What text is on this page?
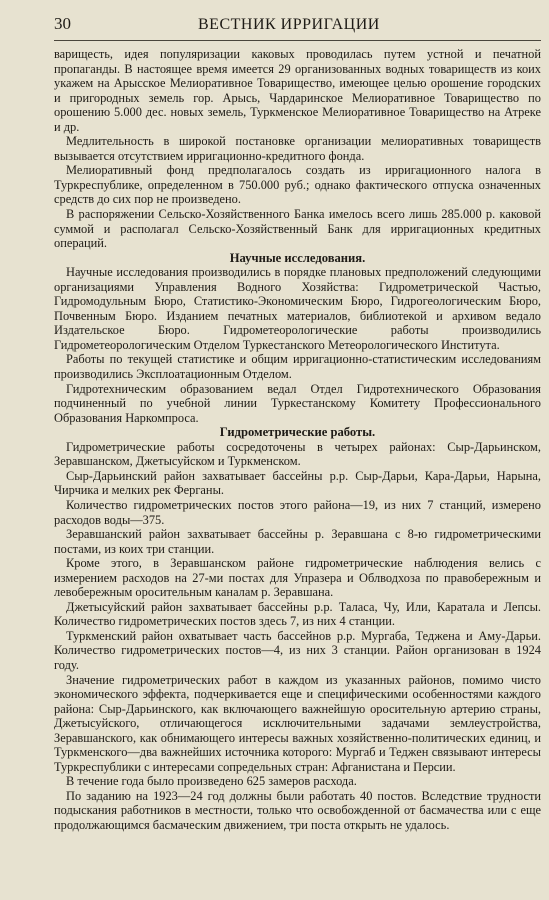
30	ВЕСТНИК ИРРИГАЦИИ

варищесть, идея популяризации каковых проводилась путем устной и печатной пропаганды. В настоящее время имеется 29 организованных водных товариществ из коих укажем на Арысское Мелиоративное Товарищество, имеющее целью орошение городских и пригородных земель гор. Арысь, Чардаринское Мелиоративное Товарищество по орошению 5.000 дес. новых земель, Туркменское Мелиоративное Товарищество на Атреке и др.

Медлительность в широкой постановке организации мелиоративных товариществ вызывается отсутствием ирригационно-кредитного фонда.

Мелиоративный фонд предполагалось создать из ирригационного налога в Туркреспублике, определенном в 750.000 руб.; однако фактического отпуска означенных средств до сих пор не произведено.

В распоряжении Сельско-Хозяйственного Банка имелось всего лишь 285.000 р. каковой суммой и располагал Сельско-Хозяйственный Банк для ирригационных кредитных операций.

Научные исследования.

Научные исследования производились в порядке плановых предположений следующими организациями Управления Водного Хозяйства: Гидрометрической Частью, Гидромодульным Бюро, Статистико-Экономическим Бюро, Гидрогеологическим Бюро, Почвенным Бюро. Изданием печатных материалов, библиотекой и архивом ведало Издательское Бюро. Гидрометеорологические работы производились Гидрометеорологическим Отделом Туркестанского Метеорологического Института.

Работы по текущей статистике и общим ирригационно-статистическим исследованиям производились Эксплоатационным Отделом.

Гидротехническим образованием ведал Отдел Гидротехнического Образования подчиненный по учебной линии Туркестанскому Комитету Профессионального Образования Наркомпроса.

Гидрометрические работы.

Гидрометрические работы сосредоточены в четырех районах: Сыр-Дарьинском, Зеравшанском, Джетысуйском и Туркменском.

Сыр-Дарьинский район захватывает бассейны р.р. Сыр-Дарьи, Кара-Дарьи, Нарына, Чирчика и мелких рек Ферганы.

Количество гидрометрических постов этого района—19, из них 7 станций, измерено расходов воды—375.

Зеравшанский район захватывает бассейны р. Зеравшана с 8-ю гидрометрическими постами, из коих три станции.

Кроме этого, в Зеравшанском районе гидрометрические наблюдения велись с измерением расходов на 27-ми постах для Упразера и Облводхоза по правобережным и левобережным оросительным каналам р. Зеравшана.

Джетысуйский район захватывает бассейны р.р. Таласа, Чу, Или, Каратала и Лепсы. Количество гидрометрических постов здесь 7, из них 4 станции.

Туркменский район охватывает часть бассейнов р.р. Мургаба, Теджена и Аму-Дарьи. Количество гидрометрических постов—4, из них 3 станции. Район организован в 1924 году.

Значение гидрометрических работ в каждом из указанных районов, помимо чисто экономического эффекта, подчеркивается еще и специфическими особенностями каждого района: Сыр-Дарьинского, как включающего важнейшую оросительную артерию страны, Джетысуйского, отличающегося исключительными задачами землеустройства, Зеравшанского, как обнимающего интересы важных хозяйственно-политических единиц, и Туркменского—два важнейших источника которого: Мургаб и Теджен связывают интересы Туркреспублики с интересами сопредельных стран: Афганистана и Персии.

В течение года было произведено 625 замеров расхода.

По заданию на 1923—24 год должны были работать 40 постов. Вследствие трудности подыскания работников в местности, только что освобожденной от басмачества или с еще продолжающимся басмаческим движением, три поста открыть не удалось.
